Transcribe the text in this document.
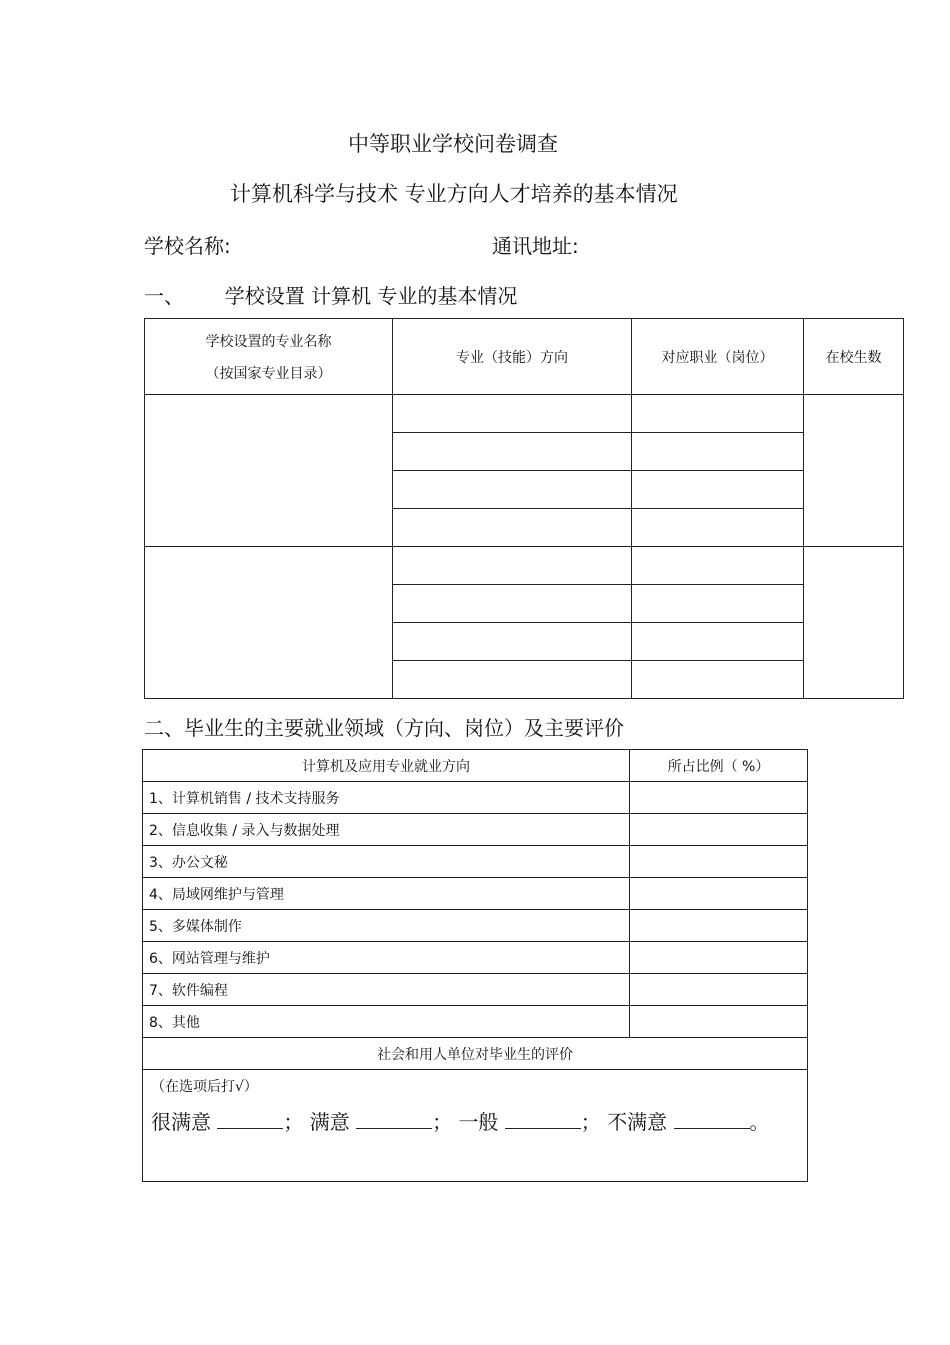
中等职业学校问卷调查
计算机科学与技术 专业方向人才培养的基本情况
学校名称:	通讯地址:
一、 学校设置 计算机 专业的基本情况
学校设置的专业名称
（按国家专业目录）	专业（技能）方向	对应职业（岗位）	在校生数

二、毕业生的主要就业领域（方向、岗位）及主要评价
计算机及应用专业就业方向	所占比例（ %）
1、计算机销售 / 技术支持服务	
2、信息收集 / 录入与数据处理	
3、办公文秘	
4、局域网维护与管理	
5、多媒体制作	
6、网站管理与维护	
7、软件编程	
8、其他	
社会和用人单位对毕业生的评价	

（在选项后打√）
很满意 ； 满意 ； 一般 ； 不满意 。	
